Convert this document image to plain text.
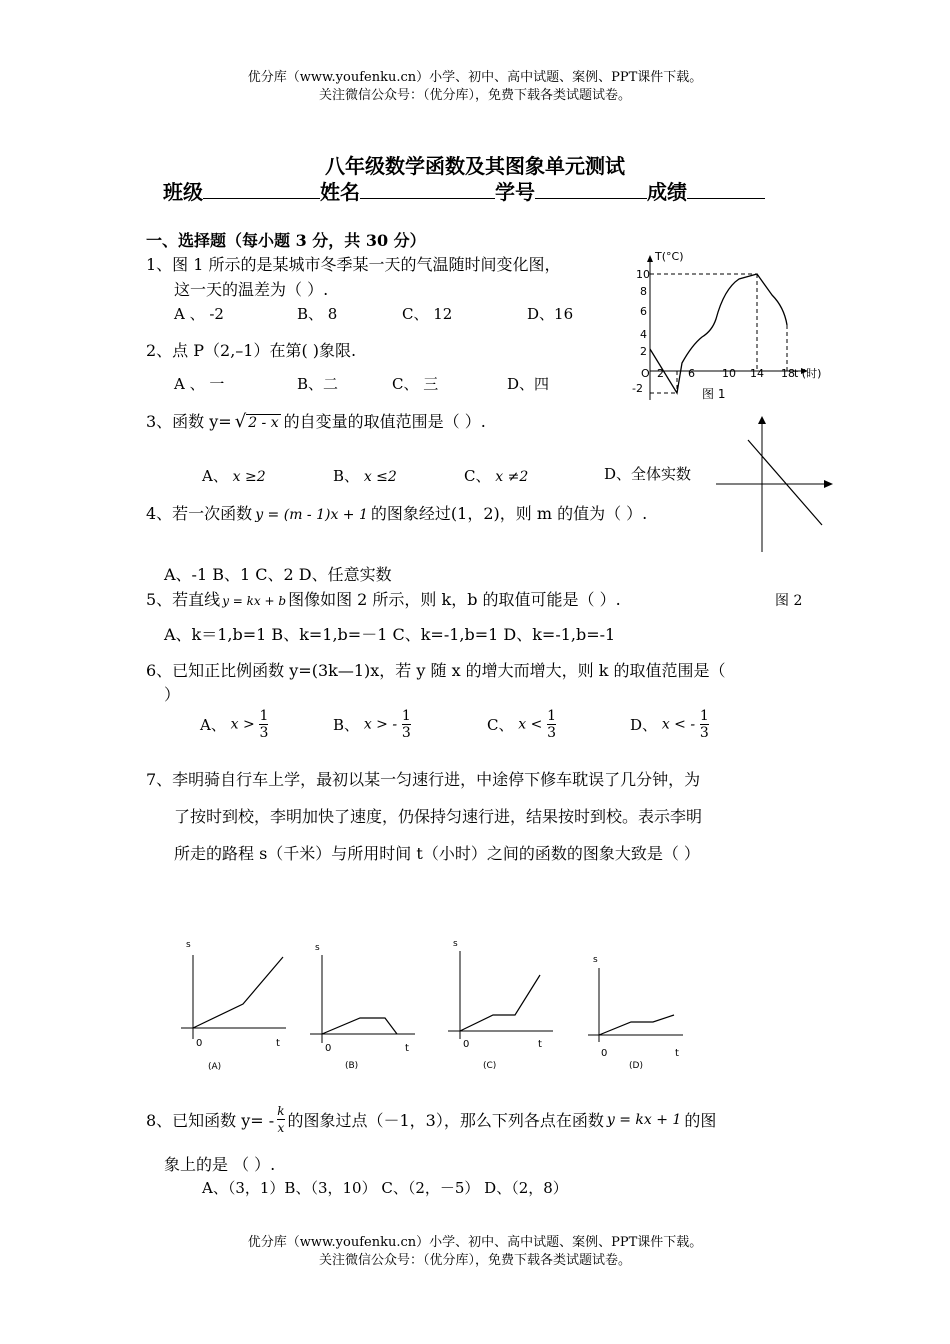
优分库（www.youfenku.cn）小学、初中、高中试题、案例、PPT课件下载。
关注微信公众号：（优分库），免费下载各类试题试卷。
八年级数学函数及其图象单元测试
班级	姓名	学号	成绩
一、选择题（每小题 3 分，共 30 分）
1、图 1 所示的是某城市冬季某一天的气温随时间变化图，
这一天的温差为（ ）.
A 、 -2	B、 8	C、 12	D、16
T(°C)
10
8
6
4
2
-2
O 2 6 10 14 18 t (时)
图 1
2、点 P（2,–1）在第( )象限.
A 、 一	B、二	C、 三	D、四
3、函数 y= √ 2 - x 的自变量的取值范围是（ ）.
A、 x ≥2	B、 x ≤2	C、 x ≠2	D、全体实数
4、若一次函数 y = (m - 1)x + 1 的图象经过(1，2)，则 m 的值为（ ）.
A、-1 B、1 C、2 D、任意实数
5、若直线 y = kx + b 图像如图 2 所示，则 k，b 的取值可能是（ ）.	图 2
A、k＝1,b=1 B、k=1,b=－1 C、k=-1,b=1 D、k=-1,b=-1
6、已知正比例函数 y=(3k—1)x，若 y 随 x 的增大而增大，则 k 的取值范围是（
）
A、 $x > \frac{1}{3}$	B、 x > - $\frac{1}{3}$	C、 $x < \frac{1}{3}$	D、 x < - $\frac{1}{3}$
7、李明骑自行车上学，最初以某一匀速行进，中途停下修车耽误了几分钟，为
了按时到校，李明加快了速度，仍保持匀速行进，结果按时到校。表示李明
所走的路程 s（千米）与所用时间 t（小时）之间的函数的图象大致是（ ）
s
0	t
(A)
s
0	t
(B)
s
0	t
(C)
s
0	t
(D)
8、已知函数 $y= - \frac{k}{x}$ 的图象过点（－1，3），那么下列各点在函数 y = kx + 1 的图
象上的是 （ ）.
A、（3，1）B、（3，10） C、（2，－5） D、（2，8）
优分库（www.youfenku.cn）小学、初中、高中试题、案例、PPT课件下载。
关注微信公众号：（优分库），免费下载各类试题试卷。
